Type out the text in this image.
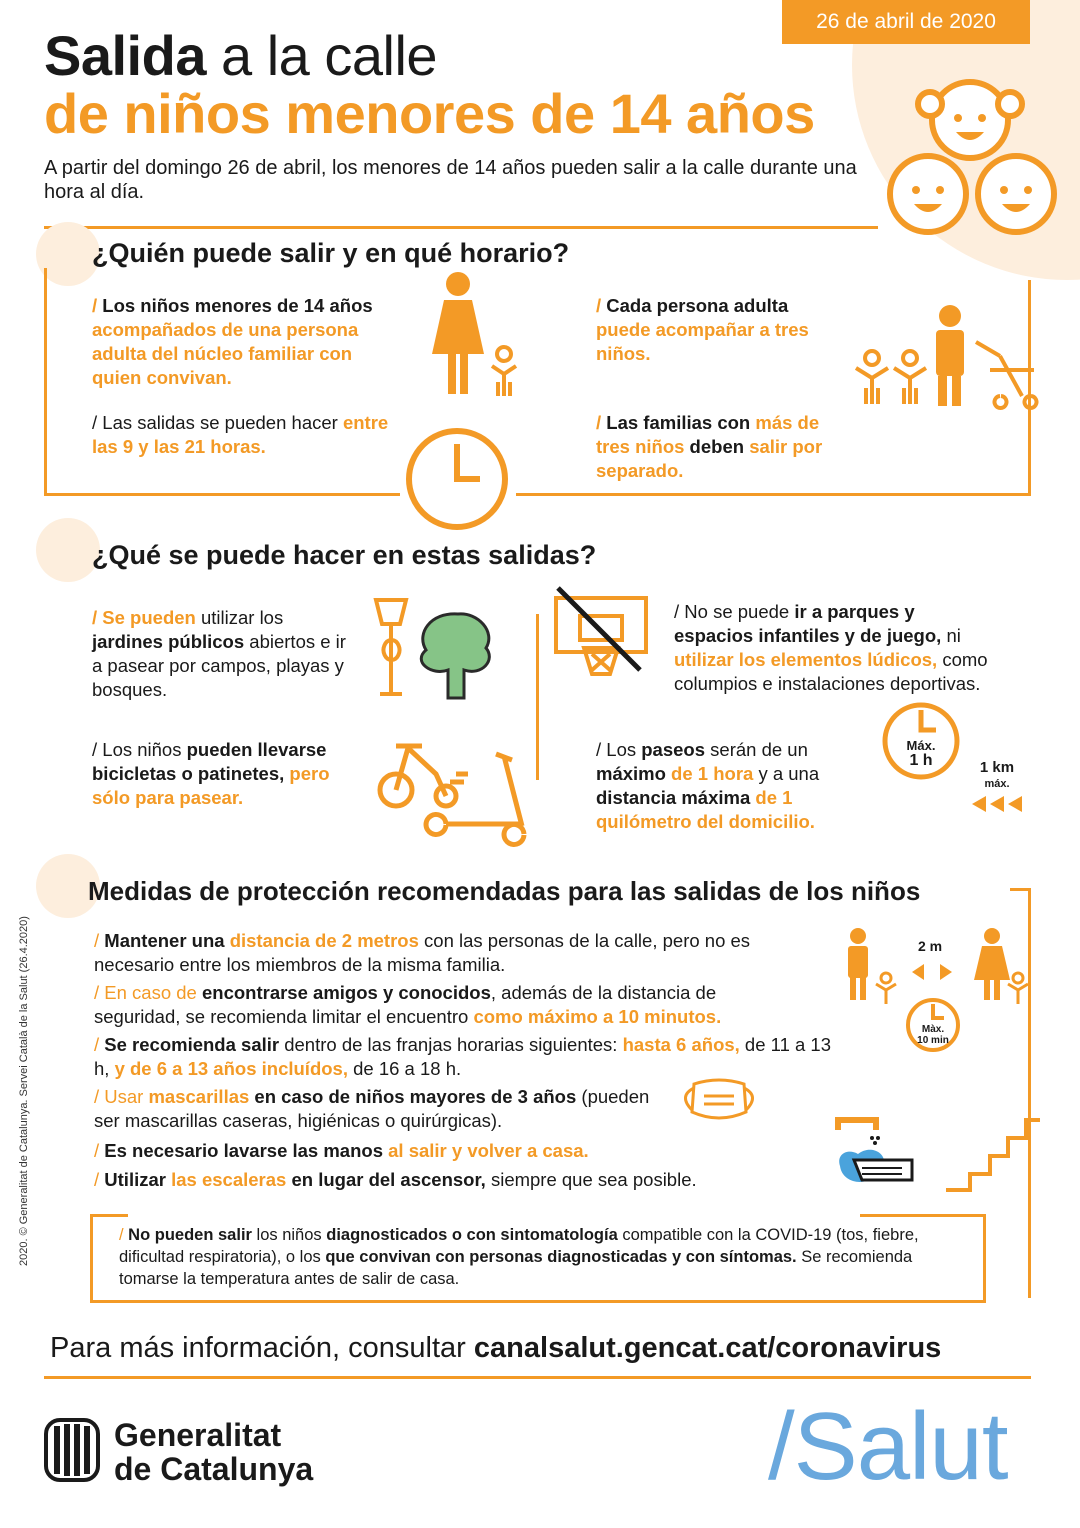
26 de abril de 2020
Salida a la calle
de niños menores de 14 años
A partir del domingo 26 de abril, los menores de 14 años pueden salir a la calle durante una hora al día.
¿Quién puede salir y en qué horario?
/ Los niños menores de 14 años acompañados de una persona adulta del núcleo familiar con quien convivan.
/ Las salidas se pueden hacer entre las 9 y las 21 horas.
/ Cada persona adulta puede acompañar a tres niños.
/ Las familias con más de tres niños deben salir por separado.
¿Qué se puede hacer en estas salidas?
/ Se pueden utilizar los jardines públicos abiertos e ir a pasear por campos, playas y bosques.
/ Los niños pueden llevarse bicicletas o patinetes, pero sólo para pasear.
/ No se puede ir a parques y espacios infantiles y de juego, ni utilizar los elementos lúdicos, como columpios e instalaciones deportivas.
/ Los paseos serán de un máximo de 1 hora y a una distancia máxima de 1 quilómetro del domicilio.
Máx.
1 h	1 km
máx.
Medidas de protección recomendadas para las salidas de los niños
/ Mantener una distancia de 2 metros con las personas de la calle, pero no es necesario entre los miembros de la misma familia.
/ En caso de encontrarse amigos y conocidos, además de la distancia de seguridad, se recomienda limitar el encuentro como máximo a 10 minutos.
/ Se recomienda salir dentro de las franjas horarias siguientes: hasta 6 años, de 11 a 13 h, y de 6 a 13 años incluídos, de 16 a 18 h.
/ Usar mascarillas en caso de niños mayores de 3 años (pueden ser mascarillas caseras, higiénicas o quirúrgicas).
/ Es necesario lavarse las manos al salir y volver a casa.
/ Utilizar las escaleras en lugar del ascensor, siempre que sea posible.
2 m
Màx.
10 min
/ No pueden salir los niños diagnosticados o con sintomatología compatible con la COVID-19 (tos, fiebre, dificultad respiratoria), o los que convivan con personas diagnosticadas y con síntomas. Se recomienda tomarse la temperatura antes de salir de casa.
Para más información, consultar canalsalut.gencat.cat/coronavirus
2020. © Generalitat de Catalunya. Servei Català de la Salut (26.4.2020)
Generalitat
de Catalunya	/Salut
